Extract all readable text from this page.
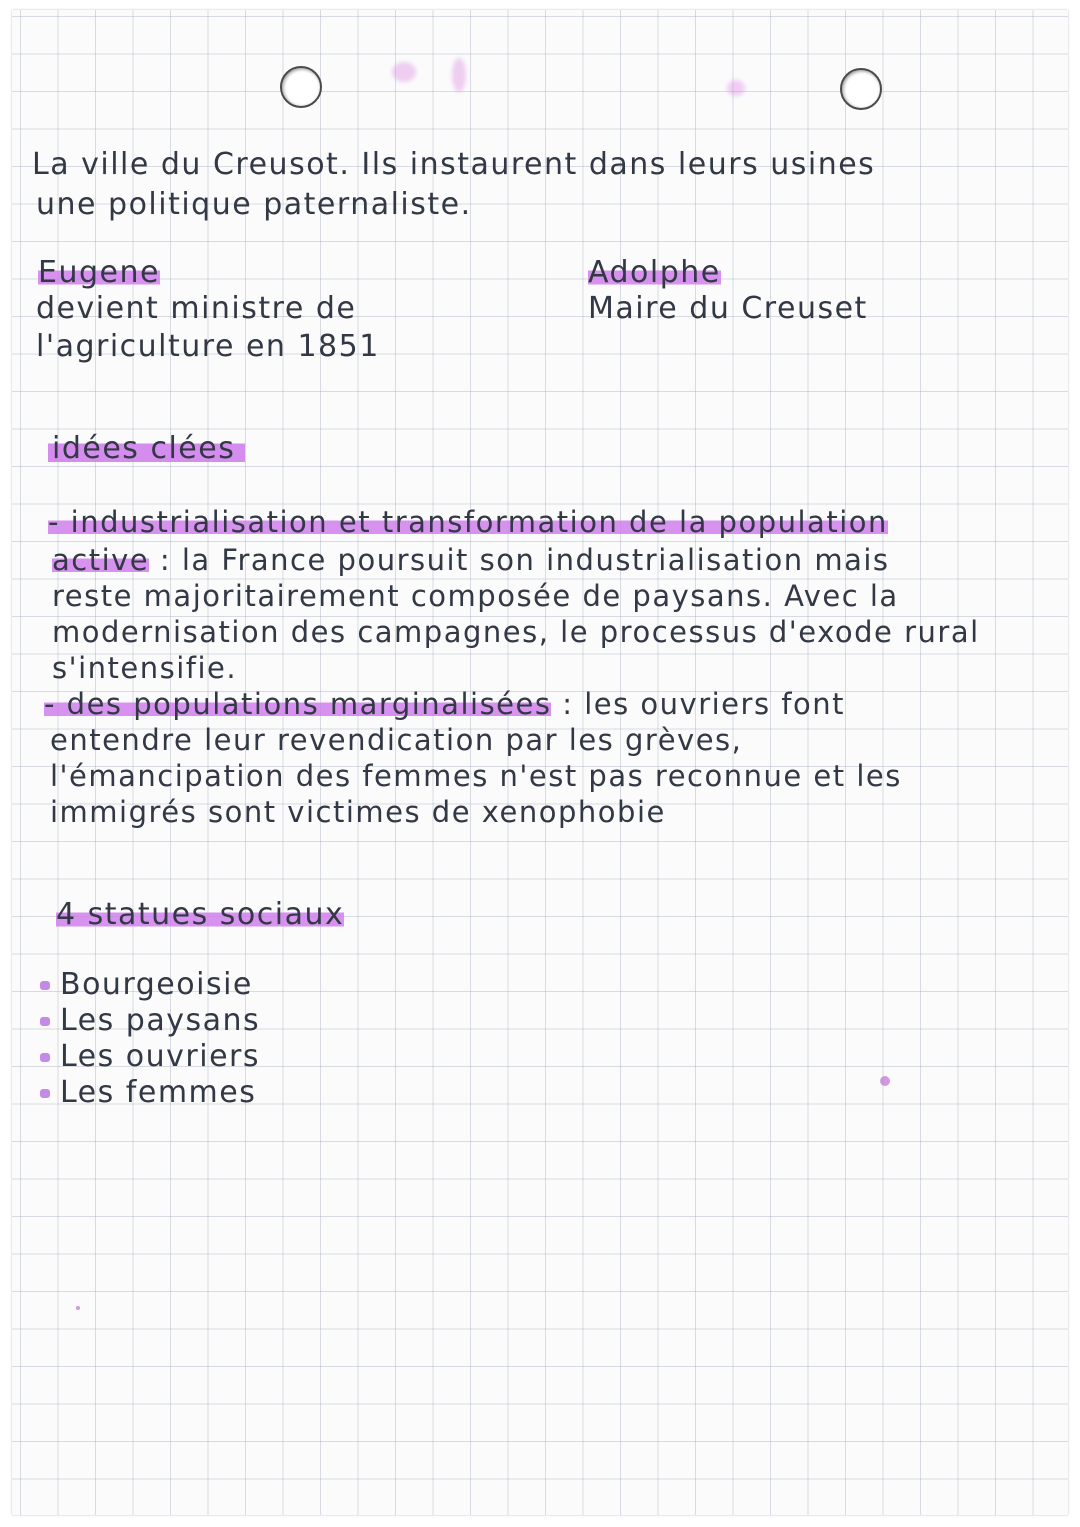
La ville du Creusot. Ils instaurent dans leurs usines
une politique paternaliste.
Eugene
devient ministre de
l'agriculture en 1851
Adolphe
Maire du Creuset
idées clées
- industrialisation et transformation de la population
active : la France poursuit son industrialisation mais
reste majoritairement composée de paysans. Avec la
modernisation des campagnes, le processus d'exode rural
s'intensifie.
- des populations marginalisées : les ouvriers font
entendre leur revendication par les grèves,
l'émancipation des femmes n'est pas reconnue et les
immigrés sont victimes de xenophobie
4 statues sociaux
Bourgeoisie
Les paysans
Les ouvriers
Les femmes
